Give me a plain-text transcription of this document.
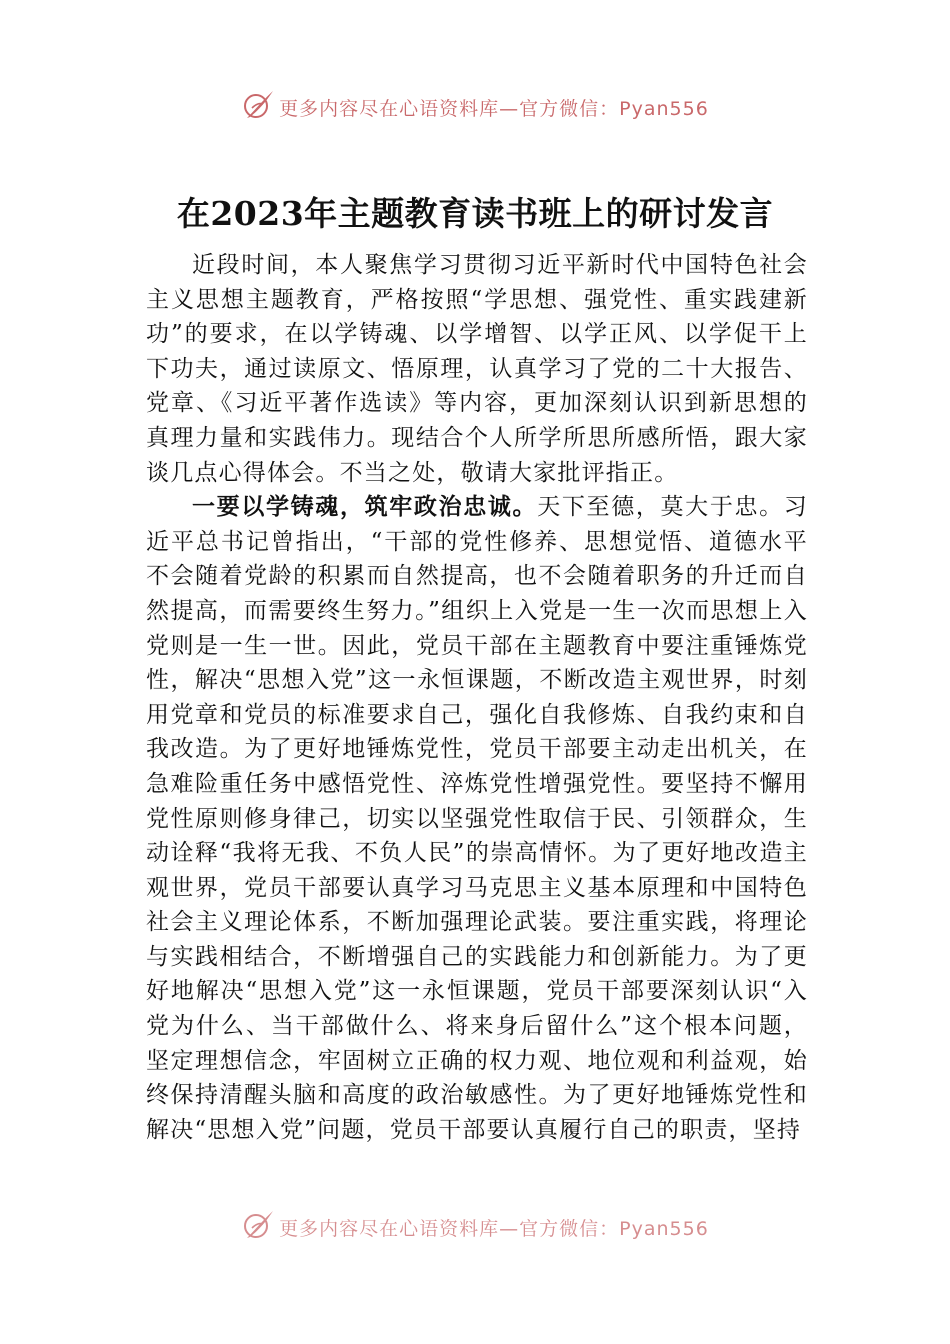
更多内容尽在心语资料库—官方微信：Pyan556
在2023年主题教育读书班上的研讨发言

近段时间，本人聚焦学习贯彻习近平新时代中国特色社会主义思想主题教育，严格按照“学思想、强党性、重实践建新功”的要求，在以学铸魂、以学增智、以学正风、以学促干上下功夫，通过读原文、悟原理，认真学习了党的二十大报告、党章、《习近平著作选读》等内容，更加深刻认识到新思想的真理力量和实践伟力。现结合个人所学所思所感所悟，跟大家谈几点心得体会。不当之处，敬请大家批评指正。

一要以学铸魂，筑牢政治忠诚。天下至德，莫大于忠。习近平总书记曾指出，“干部的党性修养、思想觉悟、道德水平不会随着党龄的积累而自然提高，也不会随着职务的升迁而自然提高，而需要终生努力。”组织上入党是一生一次而思想上入党则是一生一世。因此，党员干部在主题教育中要注重锤炼党性，解决“思想入党”这一永恒课题，不断改造主观世界，时刻用党章和党员的标准要求自己，强化自我修炼、自我约束和自我改造。为了更好地锤炼党性，党员干部要主动走出机关，在急难险重任务中感悟党性、淬炼党性增强党性。要坚持不懈用党性原则修身律己，切实以坚强党性取信于民、引领群众，生动诠释“我将无我、不负人民”的崇高情怀。为了更好地改造主观世界，党员干部要认真学习马克思主义基本原理和中国特色社会主义理论体系，不断加强理论武装。要注重实践，将理论与实践相结合，不断增强自己的实践能力和创新能力。为了更好地解决“思想入党”这一永恒课题，党员干部要深刻认识“入党为什么、当干部做什么、将来身后留什么”这个根本问题，坚定理想信念，牢固树立正确的权力观、地位观和利益观，始终保持清醒头脑和高度的政治敏感性。为了更好地锤炼党性和解决“思想入党”问题，党员干部要认真履行自己的职责，坚持

更多内容尽在心语资料库—官方微信：Pyan556
